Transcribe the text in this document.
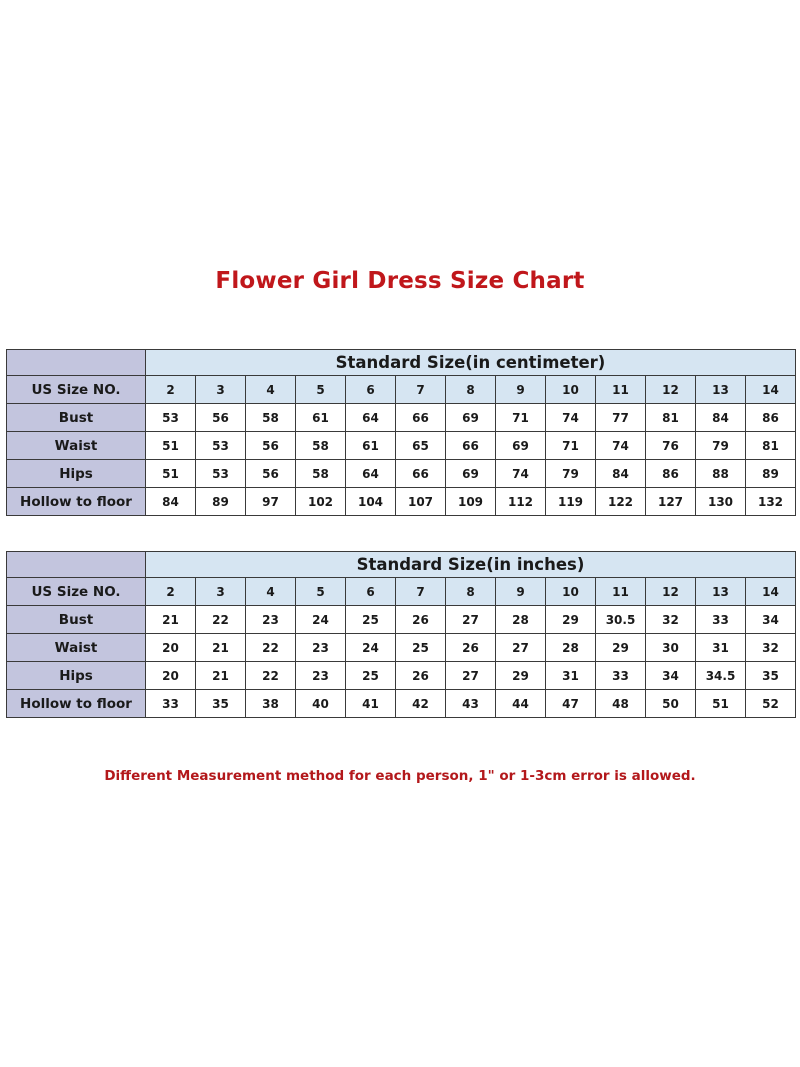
Flower Girl Dress Size Chart
	Standard Size(in centimeter)												
US Size NO.	2	3	4	5	6	7	8	9	10	11	12	13	14
Bust	53	56	58	61	64	66	69	71	74	77	81	84	86
Waist	51	53	56	58	61	65	66	69	71	74	76	79	81
Hips	51	53	56	58	64	66	69	74	79	84	86	88	89
Hollow to floor	84	89	97	102	104	107	109	112	119	122	127	130	132
	Standard Size(in inches)												
US Size NO.	2	3	4	5	6	7	8	9	10	11	12	13	14
Bust	21	22	23	24	25	26	27	28	29	30.5	32	33	34
Waist	20	21	22	23	24	25	26	27	28	29	30	31	32
Hips	20	21	22	23	25	26	27	29	31	33	34	34.5	35
Hollow to floor	33	35	38	40	41	42	43	44	47	48	50	51	52
Different Measurement method for each person, 1" or 1-3cm error is allowed.
